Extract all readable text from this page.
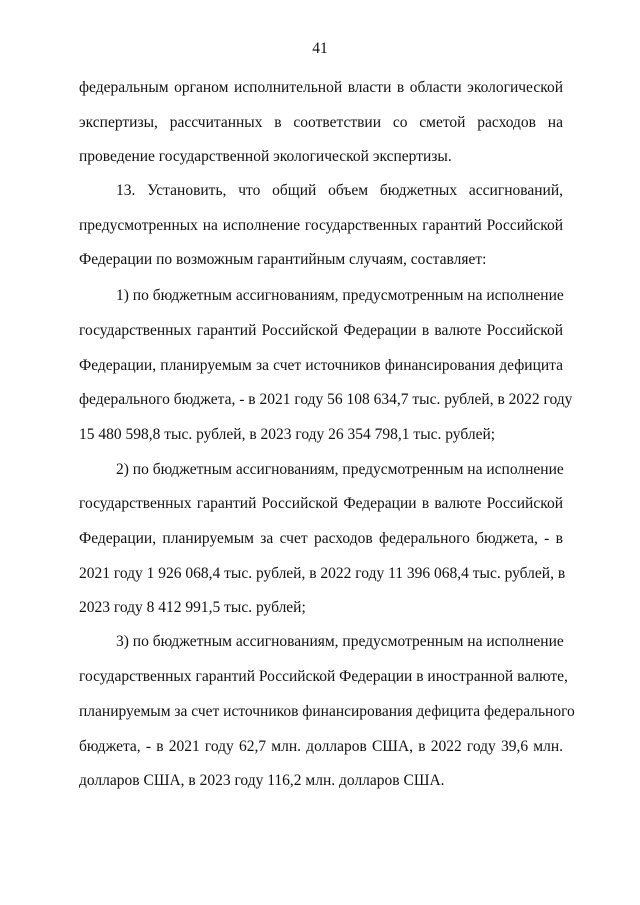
41
федеральным органом исполнительной власти в области экологической
экспертизы, рассчитанных в соответствии со сметой расходов на
проведение государственной экологической экспертизы.
13. Установить, что общий объем бюджетных ассигнований,
предусмотренных на исполнение государственных гарантий Российской
Федерации по возможным гарантийным случаям, составляет:
1) по бюджетным ассигнованиям, предусмотренным на исполнение
государственных гарантий Российской Федерации в валюте Российской
Федерации, планируемым за счет источников финансирования дефицита
федерального бюджета, - в 2021 году 56 108 634,7 тыс. рублей, в 2022 году
15 480 598,8 тыс. рублей, в 2023 году 26 354 798,1 тыс. рублей;
2) по бюджетным ассигнованиям, предусмотренным на исполнение
государственных гарантий Российской Федерации в валюте Российской
Федерации, планируемым за счет расходов федерального бюджета, - в
2021 году 1 926 068,4 тыс. рублей, в 2022 году 11 396 068,4 тыс. рублей, в
2023 году 8 412 991,5 тыс. рублей;
3) по бюджетным ассигнованиям, предусмотренным на исполнение
государственных гарантий Российской Федерации в иностранной валюте,
планируемым за счет источников финансирования дефицита федерального
бюджета, - в 2021 году 62,7 млн. долларов США, в 2022 году 39,6 млн.
долларов США, в 2023 году 116,2 млн. долларов США.
